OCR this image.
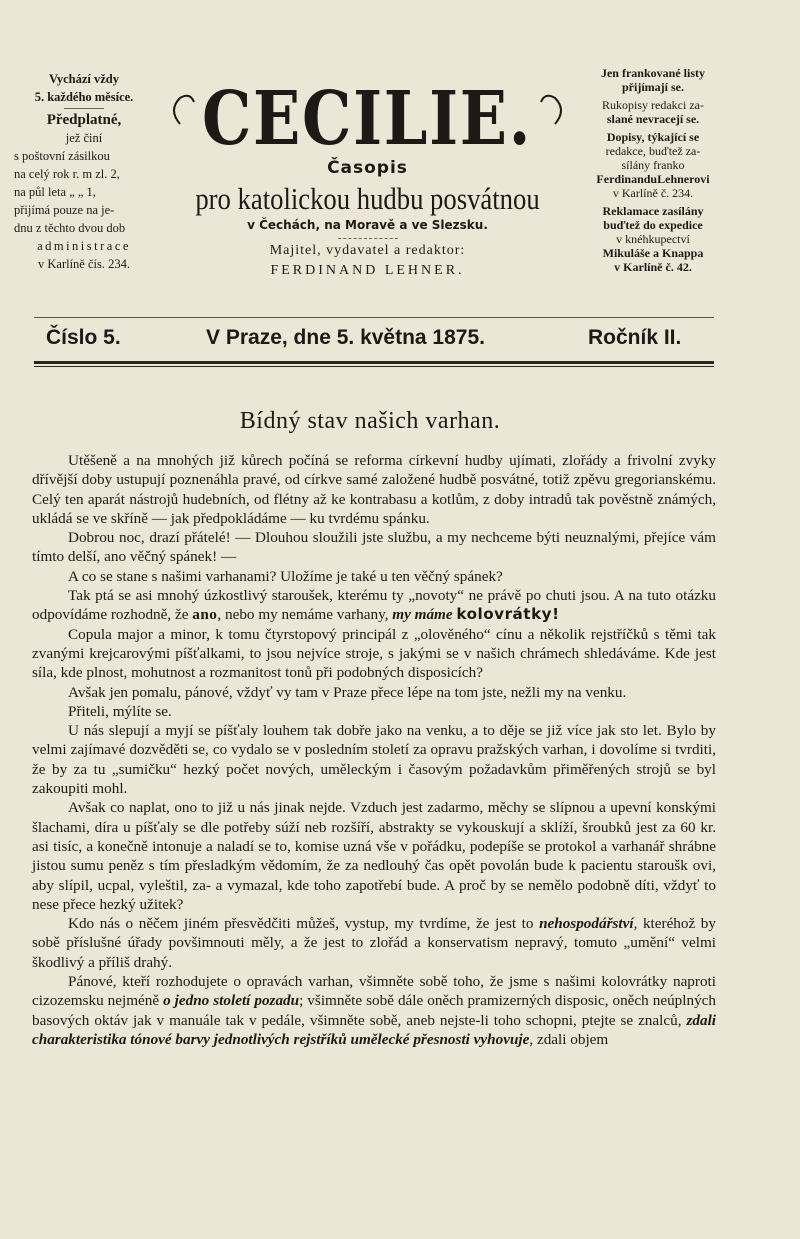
Vychází vždy
5. každého měsíce.
Předplatné,
jež činí
s poštovní zásilkou
na celý rok r. m zl. 2,
na půl leta „ „ 1,
přijímá pouze na je-
dnu z těchto dvou dob
administrace
v Karlíně čís. 234.
CECILIE.
Časopis
pro katolickou hudbu posvátnou
v Čechách, na Moravě a ve Slezsku.
Majitel, vydavatel a redaktor:
FERDINAND LEHNER.
Jen frankované listy
přijímají se.
Rukopisy redakci za-
slané nevracejí se.
Dopisy, týkající se
redakce, buďtež za-
sílány franko
FerdinanduLehnerovi
v Karlíně č. 234.
Reklamace zasílány
buďtež do expedice
v knéhkupectví
Mikuláše a Knappa
v Karlíně č. 42.
Číslo 5.	V Praze, dne 5. května 1875.	Ročník II.
Bídný stav našich varhan.

Utěšeně a na mnohých již kůrech počíná se reforma církevní hudby ujímati, zlořády a frivolní zvyky dřívější doby ustupují poznenáhla pravé, od církve samé založené hudbě posvátné, totiž zpěvu gregorianskému. Celý ten aparát nástrojů hudebních, od flétny až ke kontrabasu a kotlům, z doby intradů tak pověstně známých, ukládá se ve skříně — jak předpokládáme — ku tvrdému spánku.

Dobrou noc, drazí přátelé! — Dlouhou sloužili jste službu, a my nechceme býti neuznalými, přejíce vám tímto delší, ano věčný spánek! —

A co se stane s našimi varhanami? Uložíme je také u ten věčný spánek?

Tak ptá se asi mnohý úzkostlivý staroušek, kterému ty „novoty“ ne právě po chuti jsou. A na tuto otázku odpovídáme rozhodně, že ano, nebo my nemáme varhany, my máme kolovrátky!

Copula major a minor, k tomu čtyrstopový principál z „olověného“ cínu a několik rejstříčků s těmi tak zvanými krejcarovými píšťalkami, to jsou nejvíce stroje, s jakými se v našich chrámech shledáváme. Kde jest síla, kde plnost, mohutnost a rozmanitost tonů při podobných disposicích?

Avšak jen pomalu, pánové, vždyť vy tam v Praze přece lépe na tom jste, nežli my na venku.

Přiteli, mýlíte se.

U nás slepují a myjí se píšťaly louhem tak dobře jako na venku, a to děje se již více jak sto let. Bylo by velmi zajímavé dozvěděti se, co vydalo se v posledním století za opravu pražských varhan, i dovolíme si tvrditi, že by za tu „sumičku“ hezký počet nových, uměleckým i časovým požadavkům přiměřených strojů se byl zakoupiti mohl.

Avšak co naplat, ono to již u nás jinak nejde. Vzduch jest zadarmo, měchy se slípnou a upevní konskými šlachami, díra u píšťaly se dle potřeby súží neb rozšíří, abstrakty se vykouskují a sklíží, šroubků jest za 60 kr. asi tisíc, a konečně intonuje a naladí se to, komise uzná vše v pořádku, podepíše se protokol a varhanář shrábne jistou sumu peněz s tím přesladkým vědomím, že za nedlouhý čas opět povolán bude k pacientu staroušk ovi, aby slípil, ucpal, vyleštil, za- a vymazal, kde toho zapotřebí bude. A proč by se nemělo podobně díti, vždyť to nese přece hezký užitek?

Kdo nás o něčem jiném přesvědčiti můžeš, vystup, my tvrdíme, že jest to nehospodářství, kteréhož by sobě příslušné úřady povšimnouti měly, a že jest to zlořád a konservatism nepravý, tomuto „umění“ velmi škodlivý a příliš drahý.

Pánové, kteří rozhodujete o opravách varhan, všimněte sobě toho, že jsme s našimi kolovrátky naproti cizozemsku nejméně o jedno století pozadu; všimněte sobě dále oněch pramizerných disposic, oněch neúplných basových oktáv jak v manuále tak v pedále, všimněte sobě, aneb nejste-li toho schopni, ptejte se znalců, zdali charakteristika tónové barvy jednotlivých rejstříků umělecké přesnosti vyhovuje, zdali objem
